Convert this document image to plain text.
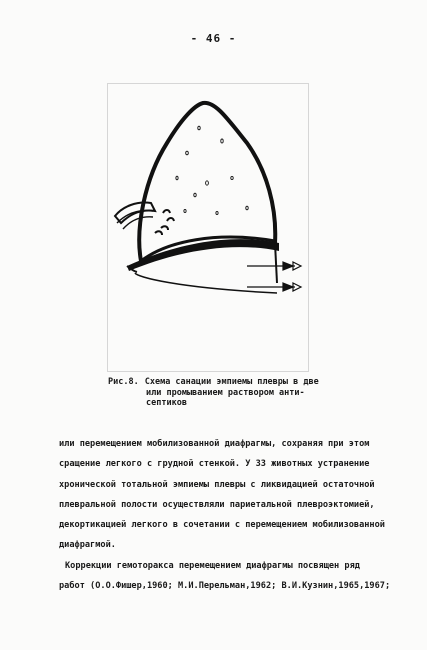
- 46 -
Рис.8. Схема санации эмпиемы плевры в две
или промыванием раствором анти-
септиков
или перемещением мобилизованной диафрагмы, сохраняя при этом
сращение легкого с грудной стенкой. У 33 животных устранение
хронической тотальной эмпиемы плевры с ликвидацией остаточной
плевральной полости осуществляли париетальной плевроэктомией,
декортикацией легкого в сочетании с перемещением мобилизованной
диафрагмой.
Коррекции гемоторакса перемещением диафрагмы посвящен ряд
работ (О.О.Фишер,1960; М.И.Перельман,1962; В.И.Кузнин,1965,1967;
